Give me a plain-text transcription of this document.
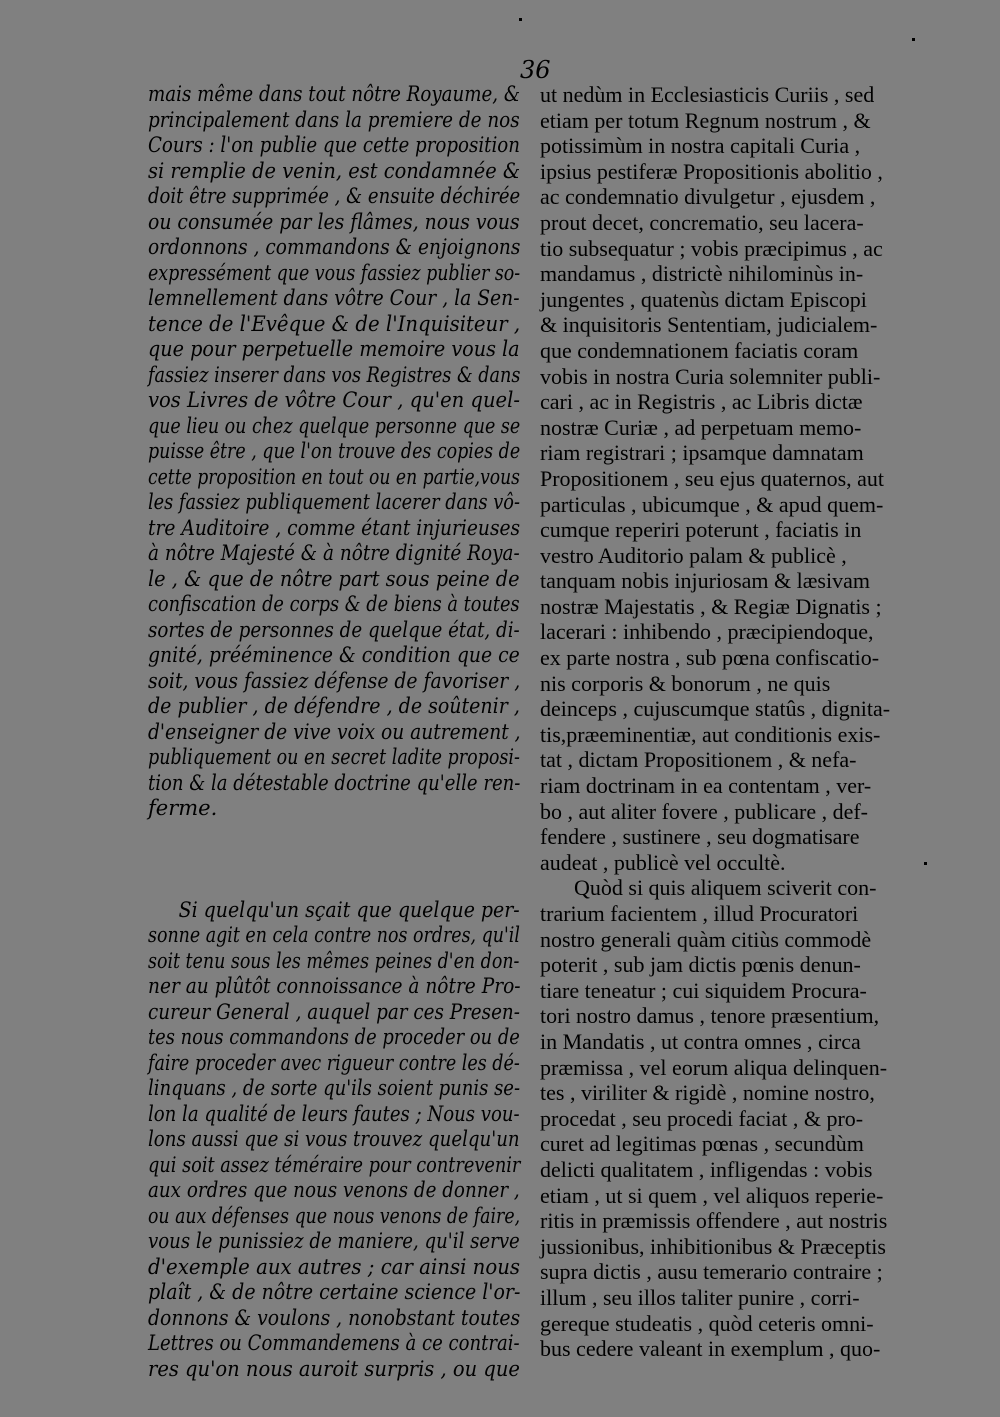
36
mais même dans tout nôtre Royaume, &
principalement dans la premiere de nos
Cours : l'on publie que cette proposition
si remplie de venin, est condamnée &
doit être supprimée , & ensuite déchirée
ou consumée par les flâmes, nous vous
ordonnons , commandons & enjoignons
expressément que vous fassiez publier so-
lemnellement dans vôtre Cour , la Sen-
tence de l'Evêque & de l'Inquisiteur ,
que pour perpetuelle memoire vous la
fassiez inserer dans vos Registres & dans
vos Livres de vôtre Cour , qu'en quel-
que lieu ou chez quelque personne que se
puisse être , que l'on trouve des copies de
cette proposition en tout ou en partie,vous
les fassiez publiquement lacerer dans vô-
tre Auditoire , comme étant injurieuses
à nôtre Majesté & à nôtre dignité Roya-
le , & que de nôtre part sous peine de
confiscation de corps & de biens à toutes
sortes de personnes de quelque état, di-
gnité, prééminence & condition que ce
soit, vous fassiez défense de favoriser ,
de publier , de défendre , de soûtenir ,
d'enseigner de vive voix ou autrement ,
publiquement ou en secret ladite proposi-
tion & la détestable doctrine qu'elle ren-
ferme.
Si quelqu'un sçait que quelque per-
sonne agit en cela contre nos ordres, qu'il
soit tenu sous les mêmes peines d'en don-
ner au plûtôt connoissance à nôtre Pro-
cureur General , auquel par ces Presen-
tes nous commandons de proceder ou de
faire proceder avec rigueur contre les dé-
linquans , de sorte qu'ils soient punis se-
lon la qualité de leurs fautes ; Nous vou-
lons aussi que si vous trouvez quelqu'un
qui soit assez téméraire pour contrevenir
aux ordres que nous venons de donner ,
ou aux défenses que nous venons de faire,
vous le punissiez de maniere, qu'il serve
d'exemple aux autres ; car ainsi nous
plaît , & de nôtre certaine science l'or-
donnons & voulons , nonobstant toutes
Lettres ou Commandemens à ce contrai-
res qu'on nous auroit surpris , ou que
ut nedùm in Ecclesiasticis Curiis , sed
etiam per totum Regnum nostrum , &
potissimùm in nostra capitali Curia ,
ipsius pestiferæ Propositionis abolitio ,
ac condemnatio divulgetur , ejusdem ,
prout decet, concrematio, seu lacera-
tio subsequatur ; vobis præcipimus , ac
mandamus , districtè nihilominùs in-
jungentes , quatenùs dictam Episcopi
& inquisitoris Sententiam, judicialem-
que condemnationem faciatis coram
vobis in nostra Curia solemniter publi-
cari , ac in Registris , ac Libris dictæ
nostræ Curiæ , ad perpetuam memo-
riam registrari ; ipsamque damnatam
Propositionem , seu ejus quaternos, aut
particulas , ubicumque , & apud quem-
cumque reperiri poterunt , faciatis in
vestro Auditorio palam & publicè ,
tanquam nobis injuriosam & læsivam
nostræ Majestatis , & Regiæ Dignatis ;
lacerari : inhibendo , præcipiendoque,
ex parte nostra , sub pœna confiscatio-
nis corporis & bonorum , ne quis
deinceps , cujuscumque statûs , dignita-
tis,præeminentiæ, aut conditionis exis-
tat , dictam Propositionem , & nefa-
riam doctrinam in ea contentam , ver-
bo , aut aliter fovere , publicare , def-
fendere , sustinere , seu dogmatisare
audeat , publicè vel occultè.
Quòd si quis aliquem sciverit con-
trarium facientem , illud Procuratori
nostro generali quàm citiùs commodè
poterit , sub jam dictis pœnis denun-
tiare teneatur ; cui siquidem Procura-
tori nostro damus , tenore præsentium,
in Mandatis , ut contra omnes , circa
præmissa , vel eorum aliqua delinquen-
tes , viriliter & rigidè , nomine nostro,
procedat , seu procedi faciat , & pro-
curet ad legitimas pœnas , secundùm
delicti qualitatem , infligendas : vobis
etiam , ut si quem , vel aliquos reperie-
ritis in præmissis offendere , aut nostris
jussionibus, inhibitionibus & Præceptis
supra dictis , ausu temerario contraire ;
illum , seu illos taliter punire , corri-
gereque studeatis , quòd ceteris omni-
bus cedere valeant in exemplum , quo-
